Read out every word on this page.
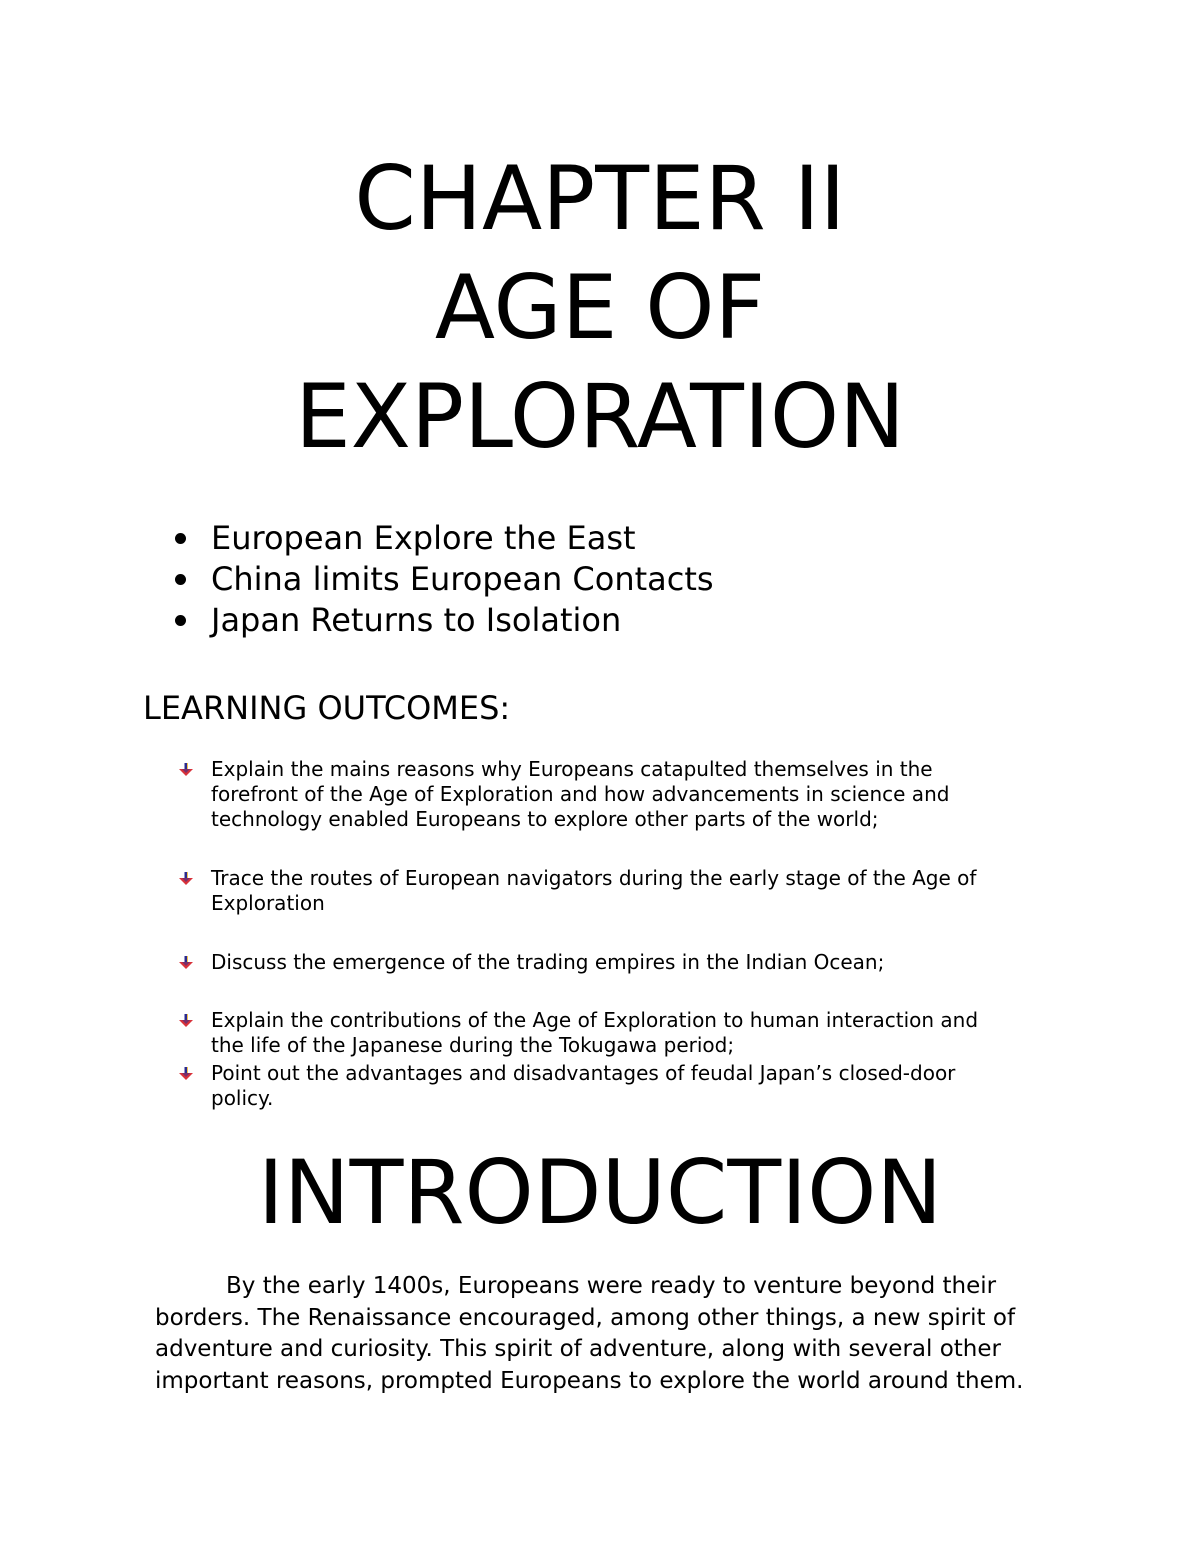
CHAPTER II
AGE OF
EXPLORATION
European Explore the East
China limits European Contacts
Japan Returns to Isolation
LEARNING OUTCOMES:
Explain the mains reasons why Europeans catapulted themselves in the
forefront of the Age of Exploration and how advancements in science and
technology enabled Europeans to explore other parts of the world;
Trace the routes of European navigators during the early stage of the Age of
Exploration
Discuss the emergence of the trading empires in the Indian Ocean;
Explain the contributions of the Age of Exploration to human interaction and
the life of the Japanese during the Tokugawa period;
Point out the advantages and disadvantages of feudal Japan’s closed-door
policy.
INTRODUCTION

By the early 1400s, Europeans were ready to venture beyond their
borders. The Renaissance encouraged, among other things, a new spirit of
adventure and curiosity. This spirit of adventure, along with several other
important reasons, prompted Europeans to explore the world around them.
